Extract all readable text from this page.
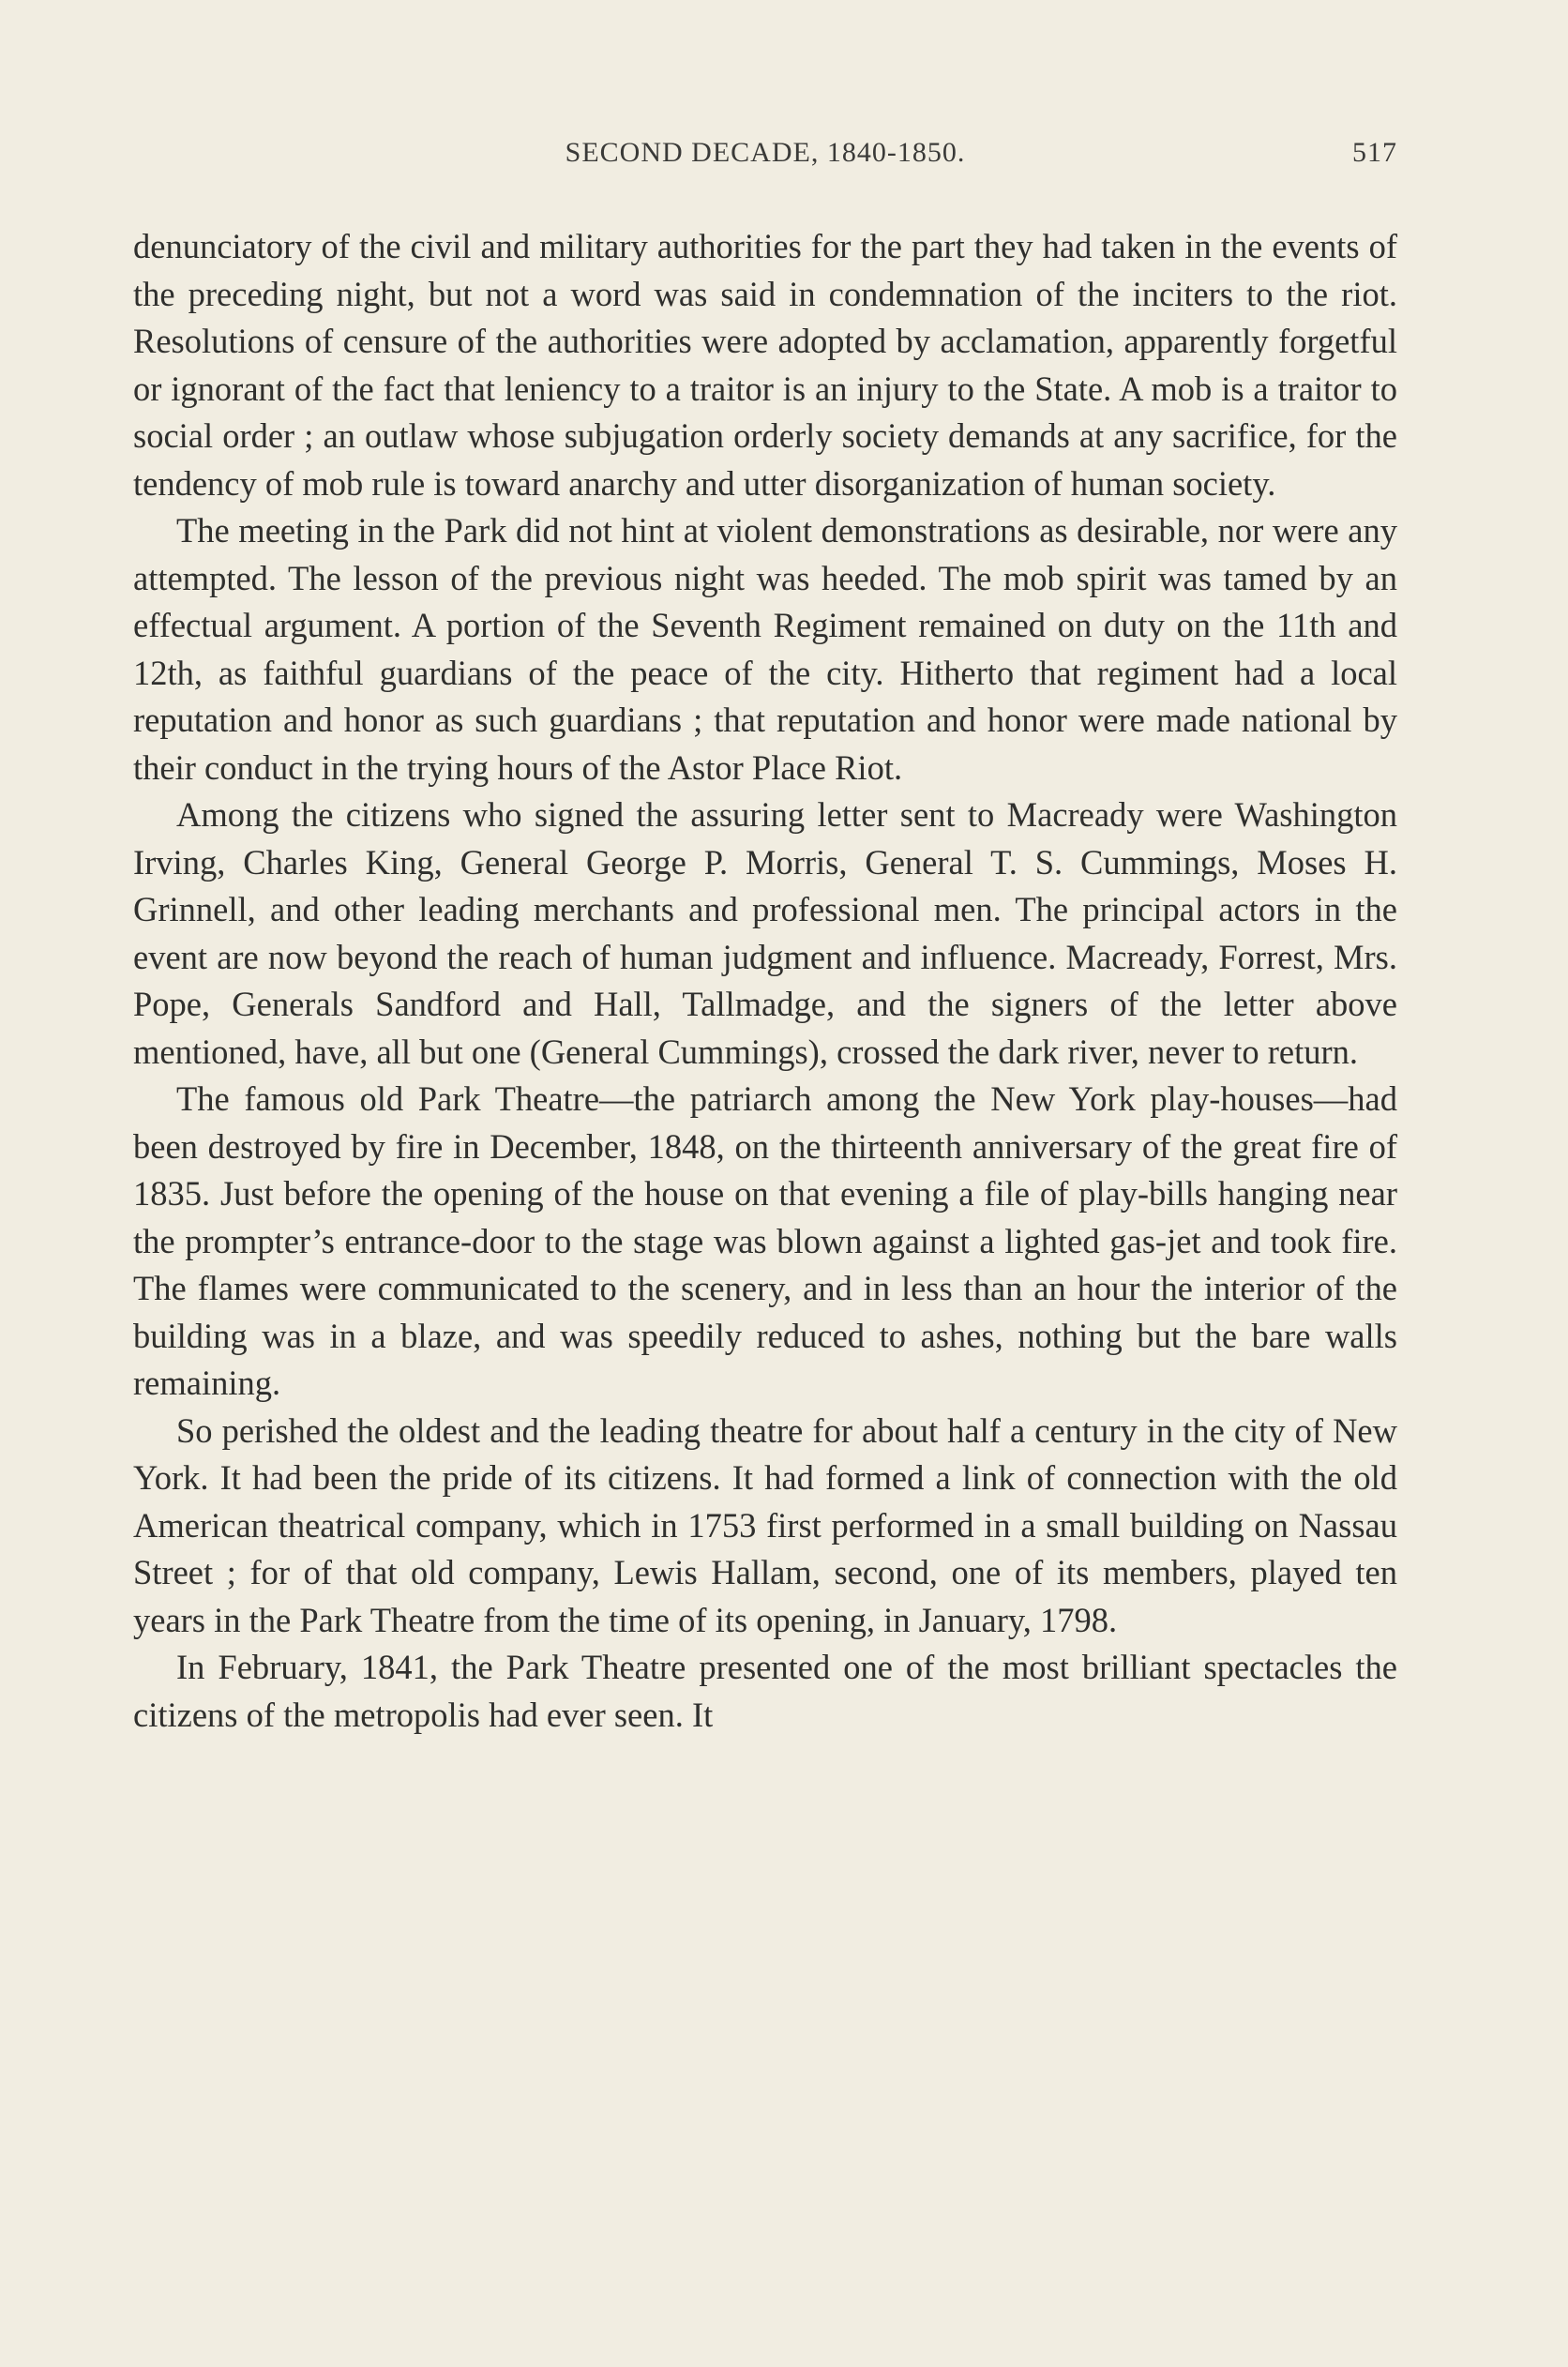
SECOND DECADE, 1840-1850.	517

denunciatory of the civil and military authorities for the part they had taken in the events of the preceding night, but not a word was said in condemnation of the inciters to the riot. Resolutions of censure of the authorities were adopted by acclamation, apparently forgetful or ignorant of the fact that leniency to a traitor is an injury to the State. A mob is a traitor to social order ; an outlaw whose subjugation orderly society demands at any sacrifice, for the tendency of mob rule is toward anarchy and utter disorganization of human society.

The meeting in the Park did not hint at violent demonstrations as desirable, nor were any attempted. The lesson of the previous night was heeded. The mob spirit was tamed by an effectual argument. A portion of the Seventh Regiment remained on duty on the 11th and 12th, as faithful guardians of the peace of the city. Hitherto that regiment had a local reputation and honor as such guardians ; that reputation and honor were made national by their conduct in the trying hours of the Astor Place Riot.

Among the citizens who signed the assuring letter sent to Macready were Washington Irving, Charles King, General George P. Morris, General T. S. Cummings, Moses H. Grinnell, and other leading merchants and professional men. The principal actors in the event are now beyond the reach of human judgment and influence. Macready, Forrest, Mrs. Pope, Generals Sandford and Hall, Tallmadge, and the signers of the letter above mentioned, have, all but one (General Cummings), crossed the dark river, never to return.

The famous old Park Theatre—the patriarch among the New York play-houses—had been destroyed by fire in December, 1848, on the thirteenth anniversary of the great fire of 1835. Just before the opening of the house on that evening a file of play-bills hanging near the prompter’s entrance-door to the stage was blown against a lighted gas-jet and took fire. The flames were communicated to the scenery, and in less than an hour the interior of the building was in a blaze, and was speedily reduced to ashes, nothing but the bare walls remaining.

So perished the oldest and the leading theatre for about half a century in the city of New York. It had been the pride of its citizens. It had formed a link of connection with the old American theatrical company, which in 1753 first performed in a small building on Nassau Street ; for of that old company, Lewis Hallam, second, one of its members, played ten years in the Park Theatre from the time of its opening, in January, 1798.

In February, 1841, the Park Theatre presented one of the most brilliant spectacles the citizens of the metropolis had ever seen. It
